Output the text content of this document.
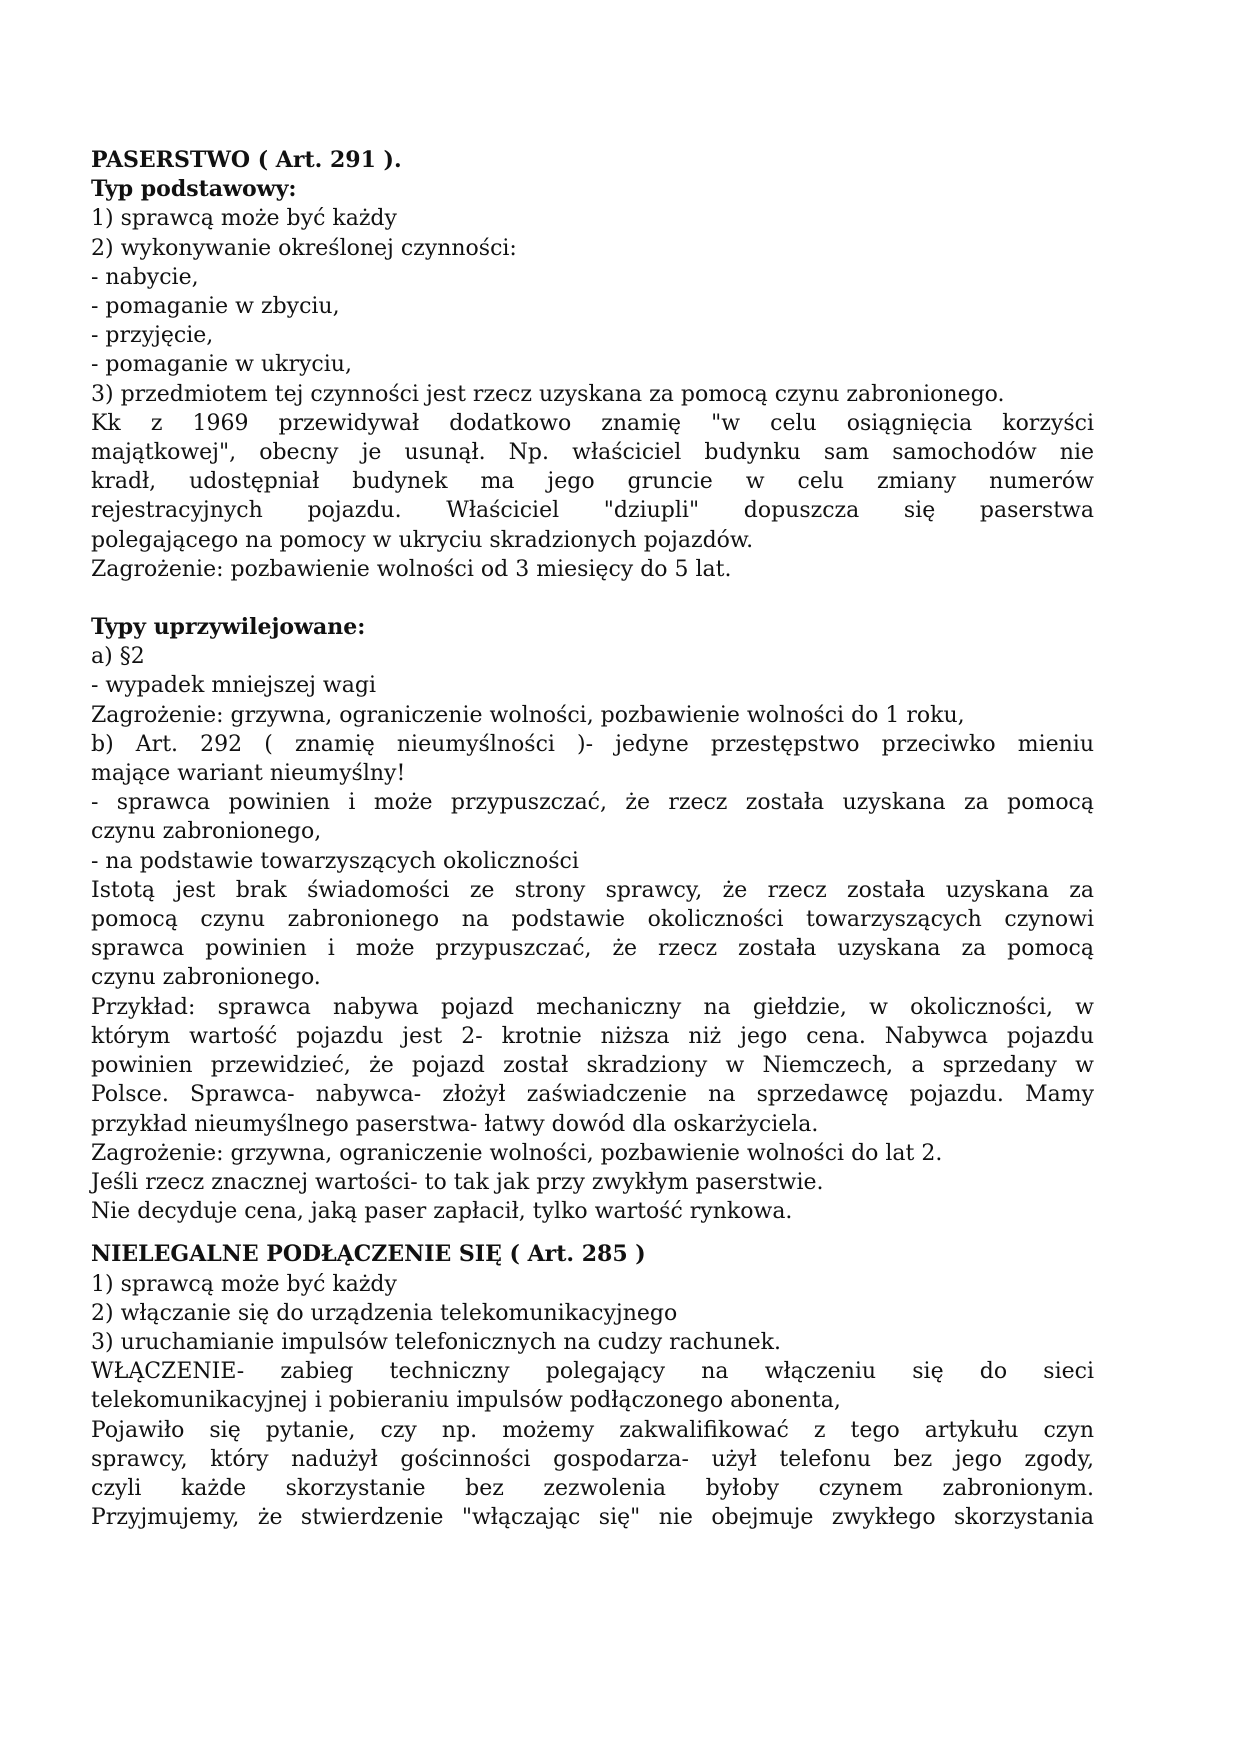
PASERSTWO ( Art. 291 ).

Typ podstawowy:

1) sprawcą może być każdy

2) wykonywanie określonej czynności:

- nabycie,

- pomaganie w zbyciu,

- przyjęcie,

- pomaganie w ukryciu,

3) przedmiotem tej czynności jest rzecz uzyskana za pomocą czynu zabronionego.

Kk z 1969 przewidywał dodatkowo znamię "w celu osiągnięcia korzyści

majątkowej", obecny je usunął. Np. właściciel budynku sam samochodów nie

kradł, udostępniał budynek ma jego gruncie w celu zmiany numerów

rejestracyjnych pojazdu. Właściciel "dziupli" dopuszcza się paserstwa

polegającego na pomocy w ukryciu skradzionych pojazdów.

Zagrożenie: pozbawienie wolności od 3 miesięcy do 5 lat.

Typy uprzywilejowane:

a) §2

- wypadek mniejszej wagi

Zagrożenie: grzywna, ograniczenie wolności, pozbawienie wolności do 1 roku,

b) Art. 292 ( znamię nieumyślności )- jedyne przestępstwo przeciwko mieniu

mające wariant nieumyślny!

- sprawca powinien i może przypuszczać, że rzecz została uzyskana za pomocą

czynu zabronionego,

- na podstawie towarzyszących okoliczności

Istotą jest brak świadomości ze strony sprawcy, że rzecz została uzyskana za

pomocą czynu zabronionego na podstawie okoliczności towarzyszących czynowi

sprawca powinien i może przypuszczać, że rzecz została uzyskana za pomocą

czynu zabronionego.

Przykład: sprawca nabywa pojazd mechaniczny na giełdzie, w okoliczności, w

którym wartość pojazdu jest 2- krotnie niższa niż jego cena. Nabywca pojazdu

powinien przewidzieć, że pojazd został skradziony w Niemczech, a sprzedany w

Polsce. Sprawca- nabywca- złożył zaświadczenie na sprzedawcę pojazdu. Mamy

przykład nieumyślnego paserstwa- łatwy dowód dla oskarżyciela.

Zagrożenie: grzywna, ograniczenie wolności, pozbawienie wolności do lat 2.

Jeśli rzecz znacznej wartości- to tak jak przy zwykłym paserstwie.

Nie decyduje cena, jaką paser zapłacił, tylko wartość rynkowa.

NIELEGALNE PODŁĄCZENIE SIĘ ( Art. 285 )

1) sprawcą może być każdy

2) włączanie się do urządzenia telekomunikacyjnego

3) uruchamianie impulsów telefonicznych na cudzy rachunek.

WŁĄCZENIE- zabieg techniczny polegający na włączeniu się do sieci

telekomunikacyjnej i pobieraniu impulsów podłączonego abonenta,

Pojawiło się pytanie, czy np. możemy zakwalifikować z tego artykułu czyn

sprawcy, który nadużył gościnności gospodarza- użył telefonu bez jego zgody,

czyli każde skorzystanie bez zezwolenia byłoby czynem zabronionym.

Przyjmujemy, że stwierdzenie "włączając się" nie obejmuje zwykłego skorzystania
